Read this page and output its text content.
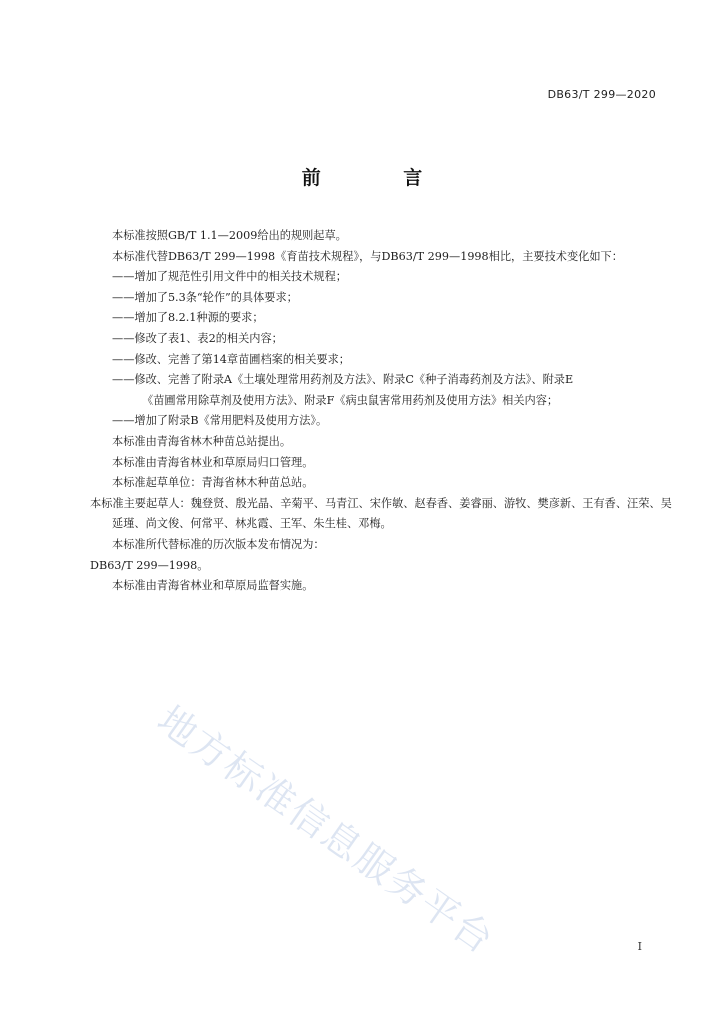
DB63/T 299—2020
前 言

本标准按照GB/T 1.1—2009给出的规则起草。

本标准代替DB63/T 299—1998《育苗技术规程》，与DB63/T 299—1998相比，主要技术变化如下：

——增加了规范性引用文件中的相关技术规程；

——增加了5.3条“轮作”的具体要求；

——增加了8.2.1种源的要求；

——修改了表1、表2的相关内容；

——修改、完善了第14章苗圃档案的相关要求；

——修改、完善了附录A《土壤处理常用药剂及方法》、附录C《种子消毒药剂及方法》、附录E

《苗圃常用除草剂及使用方法》、附录F《病虫鼠害常用药剂及使用方法》相关内容；

——增加了附录B《常用肥料及使用方法》。

本标准由青海省林木种苗总站提出。

本标准由青海省林业和草原局归口管理。

本标准起草单位：青海省林木种苗总站。

本标准主要起草人：魏登贤、殷光晶、辛菊平、马青江、宋作敏、赵春香、姜睿丽、游牧、樊彦新、王有香、汪荣、吴延瑾、尚文俊、何常平、林兆霞、王军、朱生桂、邓梅。

本标准所代替标准的历次版本发布情况为：

DB63/T 299—1998。

本标准由青海省林业和草原局监督实施。

地方标准信息服务平台	I
